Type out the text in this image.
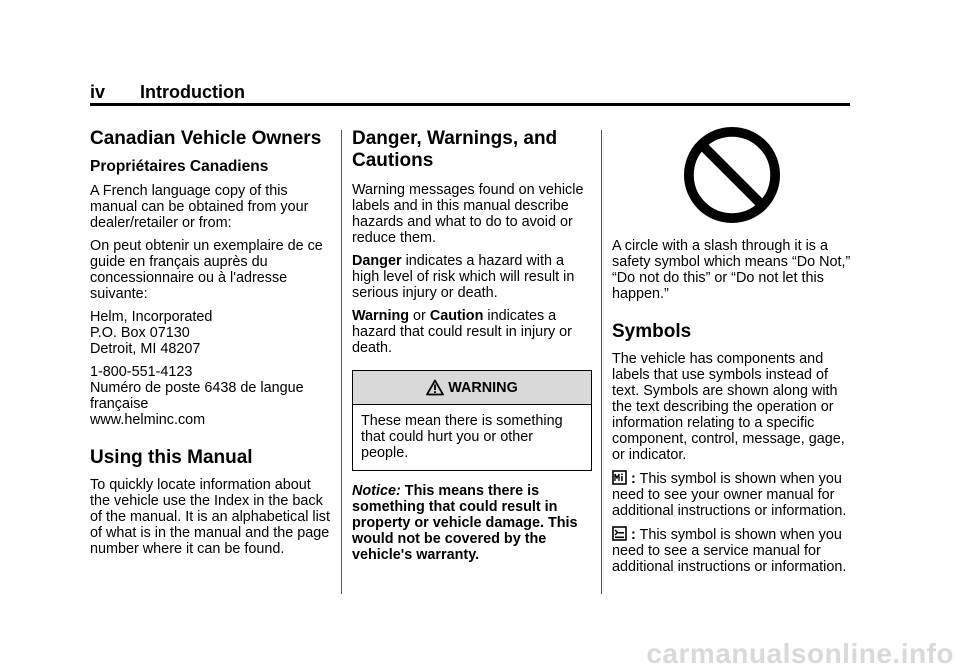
iv Introduction
Canadian Vehicle Owners
Propriétaires Canadiens

A French language copy of this manual can be obtained from your dealer/retailer or from:

On peut obtenir un exemplaire de ce guide en français auprès du concessionnaire ou à l'adresse suivante:

Helm, Incorporated
P.O. Box 07130
Detroit, MI 48207

1-800-551-4123
Numéro de poste 6438 de langue française
www.helminc.com

Using this Manual

To quickly locate information about the vehicle use the Index in the back of the manual. It is an alphabetical list of what is in the manual and the page number where it can be found.

Danger, Warnings, and Cautions

Warning messages found on vehicle labels and in this manual describe hazards and what to do to avoid or reduce them.

Danger indicates a hazard with a high level of risk which will result in serious injury or death.

Warning or Caution indicates a hazard that could result in injury or death.

WARNING
These mean there is something that could hurt you or other people.

Notice: This means there is something that could result in property or vehicle damage. This would not be covered by the vehicle's warranty.

A circle with a slash through it is a safety symbol which means “Do Not,” “Do not do this” or “Do not let this happen.”

Symbols

The vehicle has components and labels that use symbols instead of text. Symbols are shown along with the text describing the operation or information relating to a specific component, control, message, gage, or indicator.

: This symbol is shown when you need to see your owner manual for additional instructions or information.

: This symbol is shown when you need to see a service manual for additional instructions or information.

carmanualsonline.info
